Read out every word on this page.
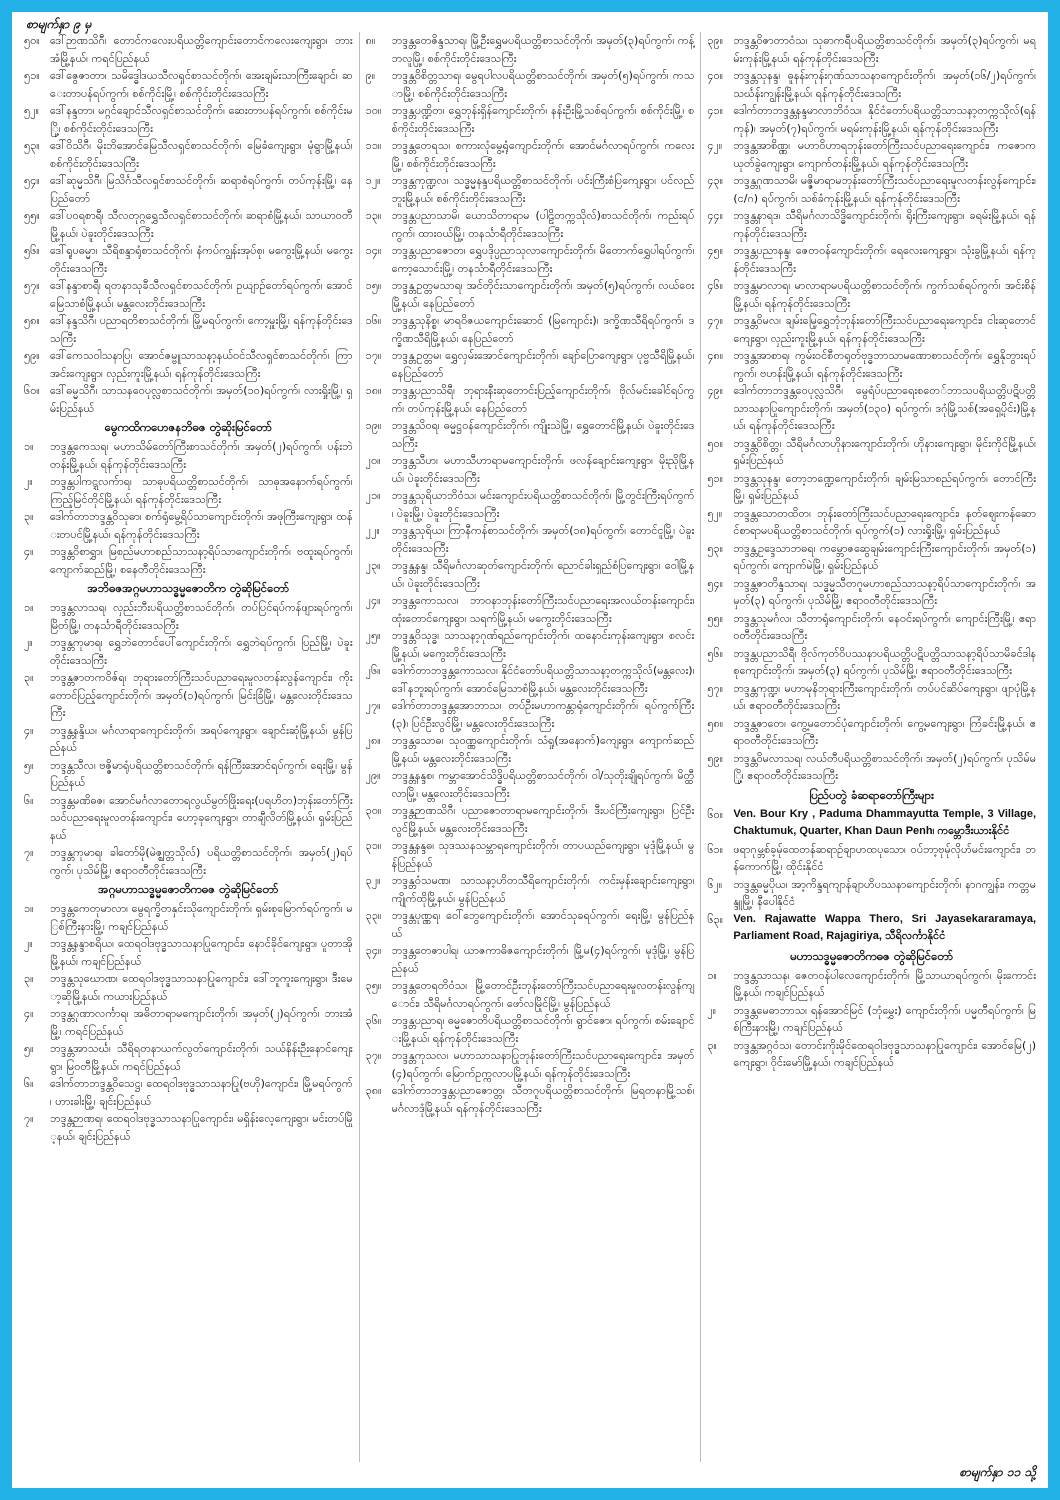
စာမျက်နှာ ၉ မှ
၅၀။ ဒေါ်ဉာဏသိဂီ၊ တောင်ကလေးပရိယတ္တိကျောင်းတောင်ကလေးကျေးရွာ၊ ဘားအံမြို့နယ်၊ ကရင်ပြည်နယ်
၅၁။ ဒေါ်ဇွေဇာတာ၊ သမိဒ္ဓေါဒယသီလရှင်စာသင်တိုက်၊ အေးချမ်းသာကြီးချောင်၊ ဆေးတာပန်ရပ်ကွက်၊ စစ်ကိုင်းမြို့၊ စစ်ကိုင်းတိုင်းဒေသကြီး
၅၂။	ဒေါ်နန္ဒတာ၊ မဂ္ဂင်ချောင်သီလရှင်စာသင်တိုက်၊ ဆေးတာပန်ရပ်ကွက်၊ စစ်ကိုင်းမြို့၊ စစ်ကိုင်းတိုင်းဒေသကြီး
၅၃။ ဒေါ်ဝိသိဂီ၊ မိုးဘိအောင်မြေသီလရှင်စာသင်တိုက်၊ မြေခံကျေးရွာ၊ မုံရွာမြို့နယ်၊ စစ်ကိုင်းတိုင်းဒေသကြီး
၅၄။ ဒေါ်ဆုမ္မသိဂီ၊ မြသိင်္ဂသီလရှင်စာသင်တိုက်၊ ဆရာစံရပ်ကွက်၊ တပ်ကုန်းမြို့၊ နေပြည်တော်
၅၅။ ဒေါ်ပဝရစာရီ၊ သီလတုဂ္ဂရွှေသီလရှင်စာသင်တိုက်၊ ဆရာစံမြို့နယ်၊ သာယာဝတီမြို့နယ်၊ ပဲခူးတိုင်းဒေသကြီး
၅၆။ ဒေါ်ရူပဓမ္မာ၊ သီရိစန္ဒာရုံစာသင်တိုက်၊ နံကပ်ကျွန်းအုပ်စု၊ မကွေးမြို့နယ်၊ မကွေးတိုင်းဒေသကြီး
၅၇။ ဒေါ်နန္ဒာစာရီ၊ ရတနာသုခီသီလရှင်စာသင်တိုက်၊ ဥယျာဉ်တော်ရပ်ကွက်၊ အောင်မြေသာစံမြို့နယ်၊ မန္တလေးတိုင်းဒေသကြီး
၅၈။ ဒေါ်နန္ဒသိဂီ၊ ပညာရတိစာသင်တိုက်၊ မြို့မရပ်ကွက်၊ ကော့မှူးမြို့၊ ရန်ကုန်တိုင်းဒေသကြီး
၅၉။ ဒေါ်ကေသဝါသနာပြ၊ အောင်ဇမ္ဗူသာသနာ့နယ်ဝင်သီလရှင်စာသင်တိုက်၊ ကြာအင်းကျေးရွာ၊ လှည်းကူးမြို့နယ်၊ ရန်ကုန်တိုင်းဒေသကြီး
၆၀။ ဒေါ်ဓမ္မသိဂီ၊ သာသနဝေပုလ္လစာသင်တိုက်၊ အမှတ်(၁၀)ရပ်ကွက်၊ လားရှိုးမြို့၊ ရှမ်းပြည်နယ်
မွေကထိကဟေဇနဘိဓဇ တွဲဆိုးမြင်တော်
၁။	ဘဒ္ဒန္တကေသရ၊ မဟာသိမ်တော်ကြီးစာသင်တိုက်၊ အမှတ်(၂)ရပ်ကွက်၊ ပန်းဘဲတန်းမြို့နယ်၊ ရန်ကုန်တိုင်းဒေသကြီး
၂။	ဘဒ္ဒန္တပါကဋ္ဋလက်ာရ၊ သာဓုပရိယတ္တိစာသင်တိုက်၊ သာဓုအနောက်ရပ်ကွက်၊ ကြည့်မြင်တိုင်မြို့နယ်၊ ရန်ကုန်တိုင်းဒေသကြီး
၃။	ဒေါက်တာဘဒ္ဒန္တဝိသုဓာ၊ စက်ရုံမွေ့ရိပ်သာကျောင်းတိုက်၊ အဖုကြီးကျေးရွာ၊ ထန်းတပင်မြို့နယ်၊ ရန်ကုန်တိုင်းဒေသကြီး
၄။	ဘဒ္ဒန္တဝိစာရွှာ၊ မြစည်မဟာစည်သာသနာ့ရိပ်သာကျောင်းတိုက်၊ ဗထူးရပ်ကွက်၊ ကျောက်ဆည်မြို့၊ စနေတီတိုင်းဒေသကြီး
အဘိဓဇအဂ္ဂမဟာသဒ္ဓမ္မဇောတိက တွဲဆိုမြင်တော်
၁။	ဘဒ္ဒန္တလာသရ၊ လှည်းဘီးပရိယတ္တိစာသင်တိုက်၊ တပ်ပြင်ရပ်ကန်ဖျားရပ်ကွက်၊ မြိတ်မြို့၊ တနင်္သာရီတိုင်းဒေသကြီး
၂။	ဘဒ္ဒန္တကုမာရ၊ ရွှေဘဲတောင်ပေါ်ကျောင်းတိုက်၊ ရွှေဘဲရပ်ကွက်၊ ပြည်မြို့၊ ပဲခူးတိုင်းဒေသကြီး
၃။	ဘဒ္ဒန္တဇာတကဝိဇ်ရ၊ ဘုရားတော်ကြီးသင်ပညာရေးမူလတန်းလွန်ကျောင်း၊ ကိုးတောင်ပြည့်ကျောင်းတိုက်၊ အမှတ်(၁)ရပ်ကွက်၊ မြင်းခြံမြို့၊ မန္တလေးတိုင်းဒေသကြီး
၄။	ဘဒ္ဒန္တနန္ဒိယ၊ မင်္ဂလာရာကျောင်းတိုက်၊ အရပ်ကျေးရွာ၊ ချောင်းဆုံမြို့နယ်၊ မွန်ပြည်နယ်
၅။	ဘဒ္ဒန္တသီလ၊ ဗဇ္ဇိမာရုံပရိယတ္တိစာသင်တိုက်၊ ရန်ကြီးအောင်ရပ်ကွက်၊ ရေးမြို့၊ မွန်ပြည်နယ်
၆။	ဘဒ္ဒန္တမဏိဓဇ၊ အောင်မင်္ဂလာတောရလွယ်မွတ်ဖြိုးရေး(ပရဟိတ)ဘုန်းတော်ကြီးသင်ပညာရေးမူလတန်းကျောင်း၊ ဟော့ခုကျေးရွာ၊ တာချီလိတ်မြို့နယ်၊ ရှမ်းပြည်နယ်
၇။	ဘဒ္ဒန္တကုမာရ၊ ခါတော်မို(မဲဇ္ဈတ္တသိုလ်) ပရိယတ္တိစာသင်တိုက်၊ အမှတ်(၂)ရပ်ကွက်၊ ပုသိမ်မြို့၊ ဧရာဝတီတိုင်းဒေသကြီး
အဂ္ဂမဟာသဒ္ဓမ္မဇောတိကဓဇ တွဲဆိုမြင်တော်
၁။	ဘဒ္ဒန္တကေတုမာလာ၊ မွေရက္ခိတနှင်းသိုကျောင်းတိုက်၊ ရှမ်းစုမြောက်ရပ်ကွက်၊ မြစ်ကြီးနားမြို့၊ ကချင်ပြည်နယ်
၂။	ဘဒ္ဒန္တနန္ဒာစရိယ၊ ထေရဝါဒဗုဒ္ဓသာသနာပြုကျောင်း၊ နောင်ခိုင်ကျေးရွာ၊ ပူတာအိုမြို့နယ်၊ ကချင်ပြည်နယ်
၃။	ဘဒ္ဒန္တသုဃောဏ၊ ထေရဝါဒဗုဒ္ဓသာသနာပြုကျောင်း၊ ဒေါ်ဘူကူးကျေးရွာ၊ ဒီးမော့ဆိုမြို့နယ်၊ ကယားပြည်နယ်
၄။	ဘဒ္ဒန္တဂုဏာလင်္ကာရ၊ အဓိတာရာမကျောင်းတိုက်၊ အမှတ်(၂)ရပ်ကွက်၊ ဘားအံမြို့၊ ကရင်ပြည်နယ်
၅။	ဘဒ္ဒန္တအာသင်္ဃ၊ သီရိရတနာယက်လွတ်ကျောင်းတိုက်၊ သယ်နိန်းဉီးနောင်ကျေးရွာ၊ မြဝတီမြို့နယ်၊ ကရင်ပြည်နယ်
၆။	ဒေါက်တာဘဒ္ဒန္တဝိသေဋ္ဌ၊ ထေရဝါဒဗုဒ္ဓသာသနာပြု(ဗဟို)ကျောင်း၊ မြို့မရပ်ကွက်၊ ဟားခါးမြို့၊ ချင်းပြည်နယ်
၇။	ဘဒ္ဒန္တဉာဏရ၊ ထေရဝါဒဗုဒ္ဓသာသနာပြုကျောင်း၊ မရှိန်းလေ့ကျေးရွာ၊ မင်းတပ်မြို့နယ်၊ ချင်းပြည်နယ်
၈။	ဘဒ္ဒန္တတေဇိန္ဒသာရ၊ မြို့ဦးရွှေမပရိယတ္တိစာသင်တိုက်၊ အမှတ်(၃)ရပ်ကွက်၊ ကန့်ဘလူမြို့၊ စစ်ကိုင်းတိုင်းဒေသကြီး
၉။	ဘဒ္ဒန္တဝိစိတ္တသာရ၊ မွေရပါလပရိယတ္တိစာသင်တိုက်၊ အမှတ်(၅)ရပ်ကွက်၊ ကသာမြို့၊ စစ်ကိုင်းတိုင်းဒေသကြီး
၁၀။ ဘဒ္ဒန္တပဏ္ဍိတ၊ ရွှေဘုန်းရှိန်ကျောင်းတိုက်၊ နန်းဦးမြို့သစ်ရပ်ကွက်၊ စစ်ကိုင်းမြို့၊ စစ်ကိုင်းတိုင်းဒေသကြီး
၁၁။ ဘဒ္ဒန္တတေရသ၊ စကားလုံမွေ့ရုံကျောင်းတိုက်၊ အောင်မင်္ဂလာရပ်ကွက်၊ ကလေးမြို့၊ စစ်ကိုင်းတိုင်းဒေသကြီး
၁၂။	ဘဒ္ဒန္တကုဏ္ဍလ၊ သဒ္ဓမ္မနန္ဒပရိယတ္တိစာသင်တိုက်၊ ပင်းကြီးစံပြကျေးရွာ၊ ပင်လည်ဘူးမြို့နယ်၊ စစ်ကိုင်းတိုင်းဒေသကြီး
၁၃။ ဘဒ္ဒန္တပညာသာမိ၊ ယောသိတာရာမ (ပါဠိတက္ကသိုလ်)စာသင်တိုက်၊ ကည်းရပ်ကွက်၊ ထားဝယ်မြို့၊ တနင်္သာရီတိုင်းဒေသကြီး
၁၄။ ဘဒ္ဒန္တပညာဇောတ၊ ရွှေပဒိုပ္ပညာသုလာကျောင်းတိုက်၊ မိတောက်ရွှေပါရပ်ကွက်၊ ကော့သောင်းမြို့၊ တနင်္သာရီတိုင်းဒေသကြီး
၁၅။ ဘဒ္ဒန္တဥတ္တမသာရ၊ အင်တိုင်းသာကျောင်းတိုက်၊ အမှတ်(၅)ရပ်ကွက်၊ လယ်ဝေးမြို့နယ်၊ နေပြည်တော်
၁၆။ ဘဒ္ဒန္တသုနိစ္စ၊ မာရဝိဇယကျောင်းဆောင် (မြကျောင်း)၊ ဒက္ခိဏသီရိရပ်ကွက်၊ ဒက္ခိဏသီရိမြို့နယ်၊ နေပြည်တော်
၁၇။ ဘဒ္ဒန္တဥတ္တမ၊ ရွှေလှမ်းအောင်ကျောင်းတိုက်၊ ချော်ပြောကျေးရွာ၊ ပုဗ္ဗသီရိမြို့နယ်၊ နေပြည်တော်
၁၈။ ဘဒ္ဒန္တပညာသိရီ၊ ဘုရားနီးဆုတောင်းပြည့်ကျောင်းတိုက်၊ ဗိုလ်မင်းခေါင်ရပ်ကွက်၊ တပ်ကုန်းမြို့နယ်၊ နေပြည်တော်
၁၉။ ဘဒ္ဒန္တသိဝရ၊ ဓမ္မဋ္ဌဝန်ကျောင်းတိုက်၊ ကျိုးသဲမြို့၊ ရွှေတောင်မြို့နယ်၊ ပဲခူးတိုင်းဒေသကြီး
၂၀။	ဘဒ္ဒန္တသီဟ၊ မဟာသီဟာရာမကျောင်းတိုက်၊ ဖလန်ချောင်းကျေးရွာ၊ မိုးညိုမြို့နယ်၊ ပဲခူးတိုင်းဒေသကြီး
၂၁။	ဘဒ္ဒန္တသုရိယာဘိဝံသ၊ မင်းကျောင်းပရိယတ္တိစာသင်တိုက်၊ မြို့တွင်းကြီးရပ်ကွက်၊ ပဲခူးမြို့၊ ပဲခူးတိုင်းဒေသကြီး
၂၂။	ဘဒ္ဒန္တသုရိယ၊ ကြာနီကန်စာသင်တိုက်၊ အမှတ်(၁၈)ရပ်ကွက်၊ တောင်ငူမြို့၊ ပဲခူးတိုင်းဒေသကြီး
၂၃။	ဘဒ္ဒန္တနန္ဒ၊ သီရိမင်္ဂလာဆုတ်ကျောင်းတိုက်၊ ညောင်ခါးရှည်စံပြကျေးရွာ၊ ဝေါမြို့နယ်၊ ပဲခူးတိုင်းဒေသကြီး
၂၄။	ဘဒ္ဒန္တကောသလ၊ ဘာဝနာဘုန်းတော်ကြီးသင်ပညာရေးအလယ်တန်းကျောင်း၊ ထုံးတောင်ကျေးရွာ၊ သရက်မြို့နယ်၊ မကွေးတိုင်းဒေသကြီး
၂၅။	ဘဒ္ဒန္တဝိသုဒ္ဓ၊ သာသနာ့ဂုဏ်ရည်ကျောင်းတိုက်၊ ထနောင်းကုန်းကျေးရွာ၊ စလင်းမြို့နယ်၊ မကွေးတိုင်းဒေသကြီး
၂၆။	ဒေါက်တာဘဒ္ဒန္တကောသလ၊ နိုင်ငံတော်ပရိယတ္တိသာသနာ့တက္ကသိုလ်(မန္တလေး)၊ ဒေါ်နဘူးရပ်ကွက်၊ အောင်မြေသာစံမြို့နယ်၊ မန္တလေးတိုင်းဒေသကြီး
၂၇။	ဒေါက်တာဘဒ္ဒန္တအောဘာသ၊ တပ်ဦးမဟာကန္တာရုံကျောင်းတိုက်၊ ရပ်ကွက်ကြီး(၃)၊ ပြင်ဦးလွင်မြို့၊ မန္တလေးတိုင်းဒေသကြီး
၂၈။ ဘဒ္ဒန္တသောဓ၊ သုဝဏ္ဏကျောင်းတိုက်၊ သံရှု(အနောက်)ကျေးရွာ၊ ကျောက်ဆည်မြို့နယ်၊ မန္တလေးတိုင်းဒေသကြီး
၂၉။	ဘဒ္ဒန္တနန္ဒစ၊ ကမ္ဘာအောင်သိဒ္ဓိပရိယတ္တိစာသင်တိုက်၊ ဝါ/သုတိုးချိုရပ်ကွက်၊ မိတ္ထီလာမြို့၊ မန္တလေးတိုင်းဒေသကြီး
၃၀။ ဘဒ္ဒန္တဉာဏသိဂီ၊ ပညာဇောတာရာမကျောင်းတိုက်၊ ဒီးပင်ကြီးကျေးရွာ၊ ပြင်ဦးလွင်မြို့နယ်၊ မန္တလေးတိုင်းဒေသကြီး
၃၁။ ဘဒ္ဒန္တနန္ဒဓ၊ သုဒဿနသမ္ဘာရကျောင်းတိုက်၊ တာပယည်ကျေးရွာ၊ မုဒုံမြို့နယ်၊ မွန်ပြည်နယ်
၃၂။	ဘဒ္ဒန္တဝံသမဏ၊ သာသနာ့ဟိတသီရိကျောင်းတိုက်၊ ကင်းမှန်းချောင်းကျေးရွာ၊ ကျိုက်ထိုမြို့နယ်၊ မွန်ပြည်နယ်
၃၃။ ဘဒ္ဒန္တပုဏ္ဏရ၊ ဝေါ်ဘွေကျောင်းတိုက်၊ အောင်သုခရပ်ကွက်၊ ရေးမြို့၊ မွန်ပြည်နယ်
၃၄။ ဘဒ္ဒန္တတေဇာပါရ၊ ယာဇကာဓိဇကျောင်းတိုက်၊ မြို့မ(၄)ရပ်ကွက်၊ မုဒုံမြို့၊ မွန်ပြည်နယ်
၃၅။ ဘဒ္ဒန္တတေရတိဝံသ၊ မြို့တောင်ဦးဘုန်းတော်ကြီးသင်ပညာရေးမူလတန်းလွန်ကျောင်း၊ သီရိမင်္ဂလာရပ်ကွက်၊ ဖော်လမြိုင်မြို့၊ မွန်ပြည်နယ်
၃၆။ ဘဒ္ဒန္တပညာရ၊ ဓမ္မဇောတိပရိယတ္တိစာသင်တိုက်၊ ရွာင်ဇော၊ ရပ်ကွက်၊ စမ်းချောင်းမြို့နယ်၊ ရန်ကုန်တိုင်းဒေသကြီး
၃၇။ ဘဒ္ဒန္တကုသလ၊ မဟာသာသနာပြုဘုန်းတော်ကြီးသင်ပညာရေးကျောင်း၊ အမှတ်(၄)ရပ်ကွက်၊ မြောက်ဥက္ကလာပမြို့နယ်၊ ရန်ကုန်တိုင်းဒေသကြီး
၃၈။ ဒေါက်တာဘဒ္ဒန္တပညာဇောတ္တ၊ သီတဂူပရိယတ္တိစာသင်တိုက်၊ မြရတနာမြို့သစ်၊ မင်္ဂလာဒုံမြို့နယ်၊ ရန်ကုန်တိုင်းဒေသကြီး
၃၉။ ဘဒ္ဒန္တဝိဇာတာဝံသ၊ သုဓာကရီပရိယတ္တိစာသင်တိုက်၊ အမှတ်(၃)ရပ်ကွက်၊ မရမ်းကုန်းမြို့နယ်၊ ရန်ကုန်တိုင်းဒေသကြီး
၄၀။ ဘဒ္ဒန္တသုနန္ဒ၊ ဓူနန်းကုန်းဂုဏ်သာသနာကျောင်းတိုက်၊ အမှတ်(၁၆/၂)ရပ်ကွက်၊ သင်္ဃန်းကျွန်းမြို့နယ်၊ ရန်ကုန်တိုင်းဒေသကြီး
၄၁။ ဒေါက်တာဘဒ္ဒန္တနန္ဒမာလာဘိဝံသ၊ နိုင်ငံတော်ပရိယတ္တိသာသနာ့တက္ကသိုလ်(ရန်ကုန်)၊ အမှတ်(၇)ရပ်ကွက်၊ မရမ်းကုန်းမြို့နယ်၊ ရန်ကုန်တိုင်းဒေသကြီး
၄၂။	ဘဒ္ဒန္တအာစိဏ္ဏ၊ မဟာဝိဟာရဘုန်းတော်ကြီးသင်ပညာရေးကျောင်း၊ ကဇောကယုတ်ခွဲကျေးရွာ၊ ကျောက်တန်းမြို့နယ်၊ ရန်ကုန်တိုင်းဒေသကြီး
၄၃။ ဘဒ္ဒန္တဂုဏသာမိ၊ မဇ္ဇိမာရာမဘုန်းတော်ကြီးသင်ပညာရေးမူလတန်းလွန်ကျောင်း၊ (င/ဂ) ရပ်ကွက်၊ သစ်ခံကုန်းမြို့နယ်၊ ရန်ကုန်တိုင်းဒေသကြီး
၄၄။ ဘဒ္ဒန္တနာရဒ၊ သီရိမင်္ဂလာသိဒ္ဓိကျောင်းတိုက်၊ ရိုးကြီးကျေးရွာ၊ ခရမ်းမြို့နယ်၊ ရန်ကုန်တိုင်းဒေသကြီး
၄၅။ ဘဒ္ဒန္တပညာနန္ဒ၊ ဇေတဝန်ကျောင်းတိုက်၊ ရေလေးကျေးရွာ၊ သုံးခွမြို့နယ်၊ ရန်ကုန်တိုင်းဒေသကြီး
၄၆။ ဘဒ္ဒန္တမာလာရ၊ မာလာရာမပရိယတ္တိစာသင်တိုက်၊ ကွက်သစ်ရပ်ကွက်၊ အင်းစိန်မြို့နယ်၊ ရန်ကုန်တိုင်းဒေသကြီး
၄၇။ ဘဒ္ဒန္တဝိမလ၊ ချမ်းမြေ့ရွှေဘုံဘုန်းတော်ကြီးသင်ပညာရေးကျောင်း၊ ငါးဆုတောင်ကျေးရွာ၊ လှည်းကူးမြို့နယ်၊ ရန်ကုန်တိုင်းဒေသကြီး
၄၈။ ဘဒ္ဒန္တအာစာရ၊ ကွမ်းဝင်စီတရုတ်ဗုဒ္ဓဘာသာမဏောစာသင်တိုက်၊ ရွှေနိုဘွားရပ်ကွက်၊ ဗဟန်းမြို့နယ်၊ ရန်ကုန်တိုင်းဒေသကြီး
၄၉။ ဒေါက်တာဘဒ္ဒန္တဝေပုလ္လသိဂီ၊ မွေရံပ်ပညာရေးစတေ်ဘာသပရိယတ္တိပဋိပတ္တိသာသနာပြုကျောင်းတိုက်၊ အမှတ်(၁၃၀) ရပ်ကွက်၊ ဒဂုံမြို့သစ်(အရှေ့ပိုင်း)မြို့နယ်၊ ရန်ကုန်တိုင်းဒေသကြီး
၅၀။ ဘဒ္ဒန္တဝိစိတ္တ၊ သီရိမင်္ဂလာဟိုနားကျောင်းတိုက်၊ ဟိုနားကျေးရွာ၊ မိုင်းကိုင်မြို့နယ်၊ ရှမ်းပြည်နယ်
၅၁။ ဘဒ္ဒန္တသုနန္ဒ၊ တော့ဘဏ္ဍေကျောင်းတိုက်၊ ချမ်းမြသာစည်ရပ်ကွက်၊ တောင်ကြီးမြို့၊ ရှမ်းပြည်နယ်
၅၂။	ဘဒ္ဒန္တသောတထိတ၊ ဘုန်းတော်ကြီးသင်ပညာရေးကျောင်း၊ နတ်ဈေးကန်ဆောင်စာရာမပရိယတ္တိစာသင်တိုက်၊ ရပ်ကွက်(၁) လားရှိုးမြို့၊ ရှမ်းပြည်နယ်
၅၃။ ဘဒ္ဒန္တဥဒ္ဒေသာဘဓရ၊ ကမ္ဘောဇဆွေချမ်းကျောင်းကြီးကျောင်းတိုက်၊ အမှတ်(၁)ရပ်ကွက်၊ ကျောက်မဲမြို့၊ ရှမ်းပြည်နယ်
၅၄။ ဘဒ္ဒန္တဇာတိန္ဒသာရ၊ သဒ္ဓမ္မသီတဂူမဟာစည်သာသနာ့ရိပ်သာကျောင်းတိုက်၊ အမှတ်(၃) ရပ်ကွက်၊ ပုသိမ်မြို့၊ ဧရာဝတီတိုင်းဒေသကြီး
၅၅။ ဘဒ္ဒန္တသုမင်္ဂလ၊ သီတာရုံကျောင်းတိုက်၊ နေဝင်းရပ်ကွက်၊ ကျောင်းကြီးမြို့၊ ဧရာဝတီတိုင်းဒေသကြီး
၅၆။ ဘဒ္ဒန္တပညာသိရီ၊ ဗိုလ်ကုတ်ဝိပဿနာပရိယတ္တိပဋိပတ္တိသာသနာ့ရိပ်သာမိခင်ဒါနစုကျောင်းတိုက်၊ အမှတ်(၃) ရပ်ကွက်၊ ပုသိမ်မြို့၊ ဧရာဝတီတိုင်းဒေသကြီး
၅၇။ ဘဒ္ဒန္တကုဏ္ဍ၊ မဟာမုနိဘုရားကြီးကျောင်းတိုက်၊ တပ်ပင်ဆိပ်ကျေးရွာ၊ ဖျာပုံမြို့နယ်၊ ဧရာဝတီတိုင်းဒေသကြီး
၅၈။ ဘဒ္ဒန္တဇာတေ၊ ကွေ့မတောင်ပုံကျောင်းတိုက်၊ ကွေ့မကျေးရွာ၊ ကြံခင်းမြို့နယ်၊ ဧရာဝတီတိုင်းဒေသကြီး
၅၉။ ဘဒ္ဒန္တဝိမလာသရ၊ လယ်တီပရိယတ္တိစာသင်တိုက်၊ အမှတ်(၂)ရပ်ကွက်၊ ပုသိမ်မြို့၊ ဧရာဝတီတိုင်းဒေသကြီး
ပြည်ပတွဲ ခံဆရာတော်ကြီးများ
၆၀။ Ven. Bour Kry , Paduma Dhammayutta Temple, 3 Village, Chaktumuk, Quarter, Khan Daun Penh၊ ကမ္ဘောဒီးယားနိုင်ငံ
၆၁။ ဖရာဂုမ္ဘစ်ခ့မ်ုထေတန်ဆရာဥ်ချာဟထပုသော၊ ဝပ်ဘာ့ဗုမ်ုလိုဟ်မင်းကျောင်း၊ ဘန်ကောက်မြို့၊ ထိုင်းနိုင်ငံ
၆၂။	ဘဒ္ဒန္တဓမ္မပိုယ၊ အာ့ကိန္ဒရကျာန်ချာဟိပဿနာကျောင်းတိုက်၊ နာဂကျွန်း၊ ကတ္တမန္ဒူမြို့၊ နီပေါနိုင်ငံ
၆၃။ Ven. Rajawatte Wappa Thero, Sri Jayasekararamaya, Parliament Road, Rajagiriya, သီရိလင်္ကာနိုင်ငံ
မဟာသဒ္ဓမ္မဇောတိကဓဇ တွဲဆိုမြင်တော်
၁။	ဘဒ္ဒန္တသာသန၊ ဇေတဝန်ပါလေကျောင်းတိုက်၊ မြို့သာယာရပ်ကွက်၊ မိုးကောင်းမြို့နယ်၊ ကချင်ပြည်နယ်
၂။	ဘဒ္ဒန္တမေဓာဘာသ၊ ရန်အောင်မြင် (ဘုံမွှေး) ကျောင်းတိုက်၊ ပမ္မတီရပ်ကွက်၊ မြစ်ကြီးနားမြို့၊ ကချင်ပြည်နယ်
၃။	ဘဒ္ဒန္တအဂ္ဂဝံသ၊ တောင်းကိုးမိုင်ထေရဝါဒဗုဒ္ဓသာသနာပြုကျောင်း၊ အောင်မြေ(၂)ကျေးရွာ၊ ဝိုင်းမော်မြို့နယ်၊ ကချင်ပြည်နယ်
စာမျက်နှာ ၁၁ သို့
